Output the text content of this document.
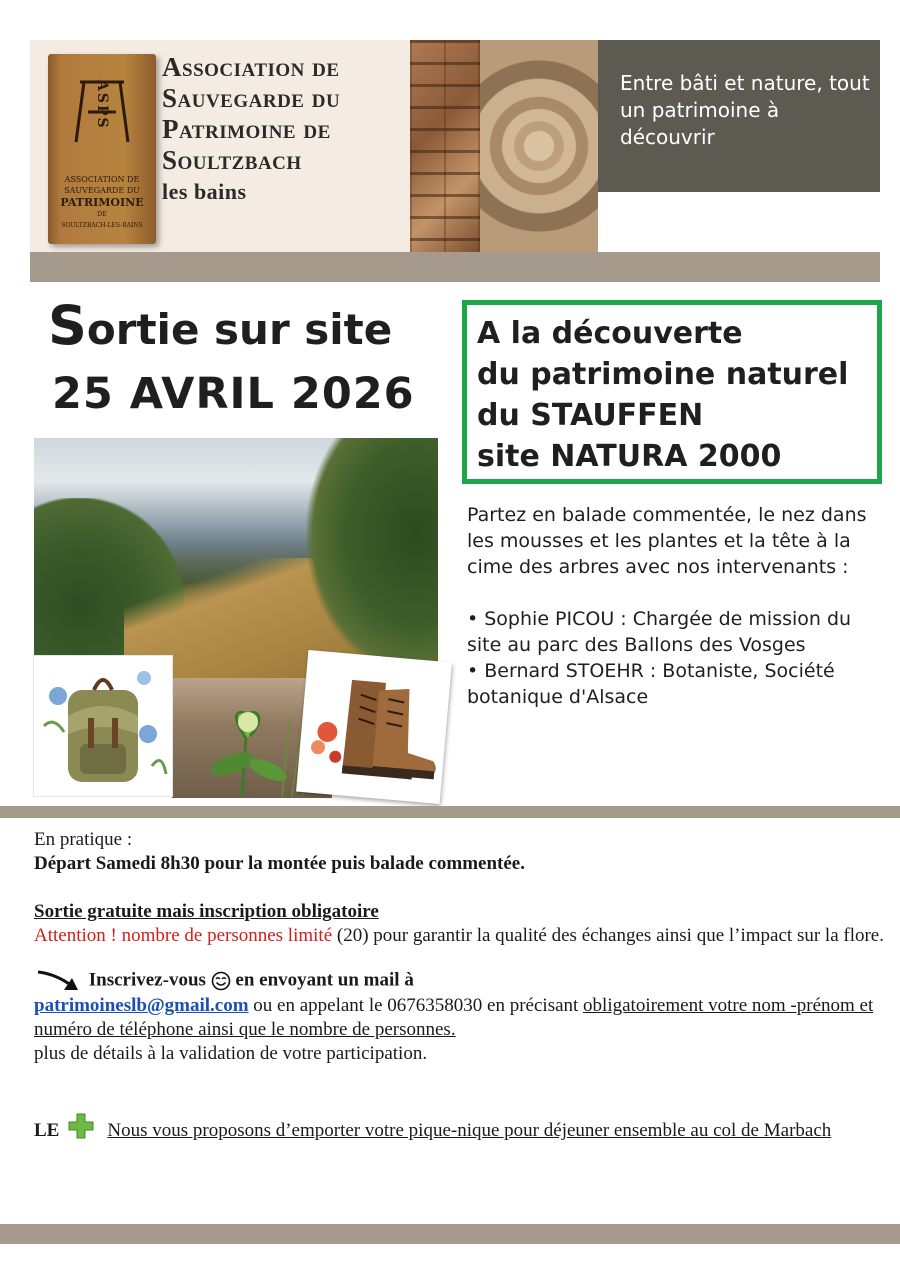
ASPS
ASSOCIATION DE
SAUVEGARDE DU
PATRIMOINE
DE
SOULTZBACH-LES-BAINS
Association de
Sauvegarde du
Patrimoine de
Soultzbach
les bains
Entre bâti et nature, tout un patrimoine à découvrir
Sortie sur site
25 AVRIL 2026
A la découverte
du patrimoine naturel
du STAUFFEN
site NATURA 2000

Partez en balade commentée, le nez dans les mousses et les plantes et la tête à la cime des arbres avec nos intervenants :

• Sophie PICOU : Chargée de mission du site au parc des Ballons des Vosges

• Bernard STOEHR : Botaniste, Société botanique d'Alsace

En pratique :

Départ Samedi 8h30 pour la montée puis balade commentée.

Sortie gratuite mais inscription obligatoire

Attention ! nombre de personnes limité (20) pour garantir la qualité des échanges ainsi que l’impact sur la flore.

Inscrivez-vous en envoyant un mail à

patrimoineslb@gmail.com ou en appelant le 0676358030 en précisant obligatoirement votre nom -prénom et numéro de téléphone ainsi que le nombre de personnes.

plus de détails à la validation de votre participation.

LE	Nous vous proposons d’emporter votre pique-nique pour déjeuner ensemble au col de Marbach
